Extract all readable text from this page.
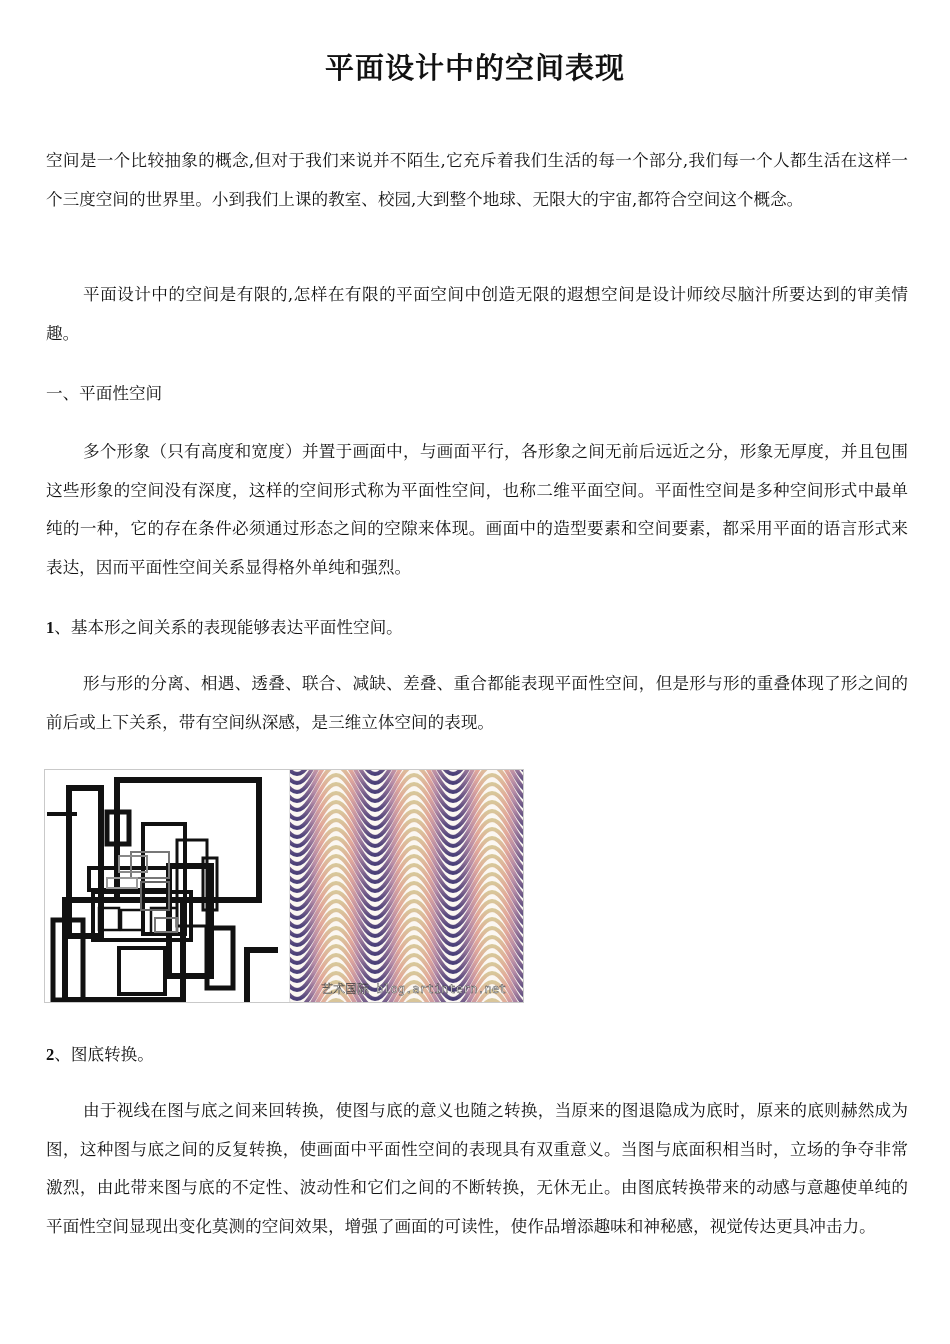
平面设计中的空间表现

空间是一个比较抽象的概念,但对于我们来说并不陌生,它充斥着我们生活的每一个部分,我们每一个人都生活在这样一个三度空间的世界里。小到我们上课的教室、校园,大到整个地球、无限大的宇宙,都符合空间这个概念。

平面设计中的空间是有限的,怎样在有限的平面空间中创造无限的遐想空间是设计师绞尽脑汁所要达到的审美情趣。

一、平面性空间

多个形象（只有高度和宽度）并置于画面中，与画面平行，各形象之间无前后远近之分，形象无厚度，并且包围这些形象的空间没有深度，这样的空间形式称为平面性空间，也称二维平面空间。平面性空间是多种空间形式中最单纯的一种，它的存在条件必须通过形态之间的空隙来体现。画面中的造型要素和空间要素，都采用平面的语言形式来表达，因而平面性空间关系显得格外单纯和强烈。

1、基本形之间关系的表现能够表达平面性空间。

形与形的分离、相遇、透叠、联合、减缺、差叠、重合都能表现平面性空间，但是形与形的重叠体现了形之间的前后或上下关系，带有空间纵深感，是三维立体空间的表现。

艺术国际 blog.artintern.net

2、图底转换。

由于视线在图与底之间来回转换，使图与底的意义也随之转换，当原来的图退隐成为底时，原来的底则赫然成为图，这种图与底之间的反复转换，使画面中平面性空间的表现具有双重意义。当图与底面积相当时，立场的争夺非常激烈，由此带来图与底的不定性、波动性和它们之间的不断转换，无休无止。由图底转换带来的动感与意趣使单纯的平面性空间显现出变化莫测的空间效果，增强了画面的可读性，使作品增添趣味和神秘感，视觉传达更具冲击力。
